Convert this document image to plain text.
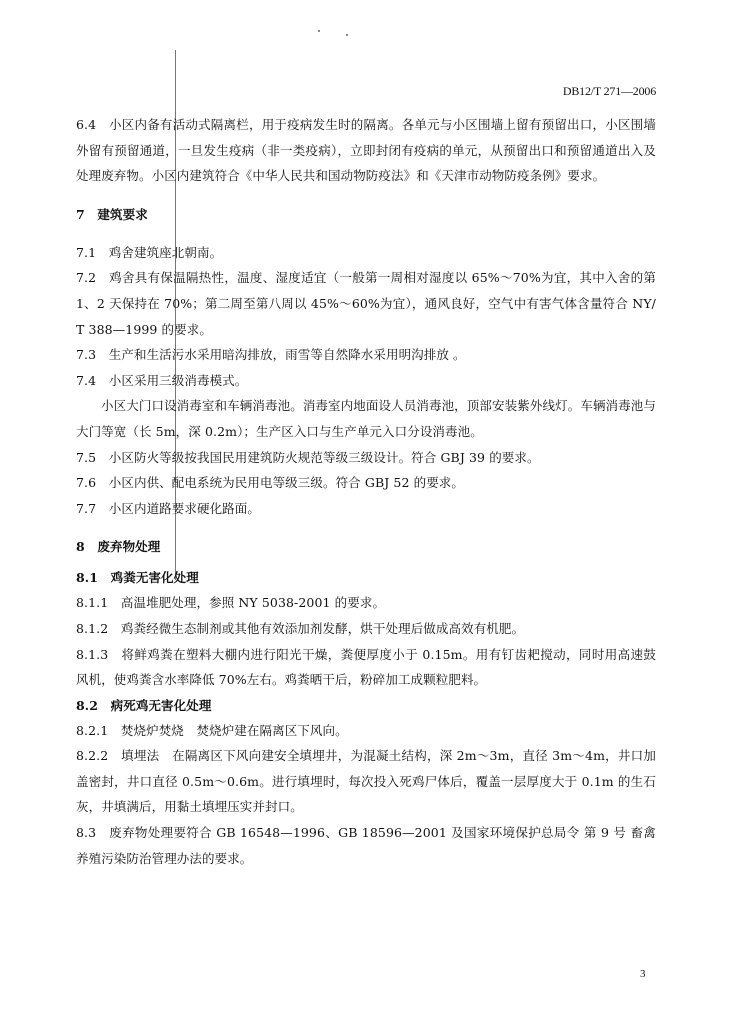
DB12/T 271—2006

6.4　小区内备有活动式隔离栏，用于疫病发生时的隔离。各单元与小区围墙上留有预留出口，小区围墙外留有预留通道，一旦发生疫病（非一类疫病），立即封闭有疫病的单元，从预留出口和预留通道出入及处理废弃物。小区内建筑符合《中华人民共和国动物防疫法》和《天津市动物防疫条例》要求。

7　建筑要求

7.1　鸡舍建筑座北朝南。

7.2　鸡舍具有保温隔热性，温度、湿度适宜（一般第一周相对湿度以 65%～70%为宜，其中入舍的第 1、2 天保持在 70%；第二周至第八周以 45%～60%为宜），通风良好，空气中有害气体含量符合 NY/T 388—1999 的要求。

7.3　生产和生活污水采用暗沟排放，雨雪等自然降水采用明沟排放 。

7.4　小区采用三级消毒模式。

小区大门口设消毒室和车辆消毒池。消毒室内地面设人员消毒池，顶部安装紫外线灯。车辆消毒池与大门等宽（长 5m，深 0.2m）；生产区入口与生产单元入口分设消毒池。

7.5　小区防火等级按我国民用建筑防火规范等级三级设计。符合 GBJ 39 的要求。

7.6　小区内供、配电系统为民用电等级三级。符合 GBJ 52 的要求。

7.7　小区内道路要求硬化路面。

8　废弃物处理

8.1　鸡粪无害化处理

8.1.1　高温堆肥处理，参照 NY 5038-2001 的要求。

8.1.2　鸡粪经微生态制剂或其他有效添加剂发酵，烘干处理后做成高效有机肥。

8.1.3　将鲜鸡粪在塑料大棚内进行阳光干燥，粪便厚度小于 0.15m。用有钉齿耙搅动，同时用高速鼓风机，使鸡粪含水率降低 70%左右。鸡粪晒干后，粉碎加工成颗粒肥料。

8.2　病死鸡无害化处理

8.2.1　焚烧炉焚烧　焚烧炉建在隔离区下风向。

8.2.2　填埋法　在隔离区下风向建安全填埋井，为混凝土结构，深 2m～3m，直径 3m～4m，井口加盖密封，井口直径 0.5m～0.6m。进行填埋时，每次投入死鸡尸体后，覆盖一层厚度大于 0.1m 的生石灰，井填满后，用黏土填埋压实并封口。

8.3　废弃物处理要符合 GB 16548—1996、GB 18596—2001 及国家环境保护总局令 第 9 号 畜禽养殖污染防治管理办法的要求。

3
